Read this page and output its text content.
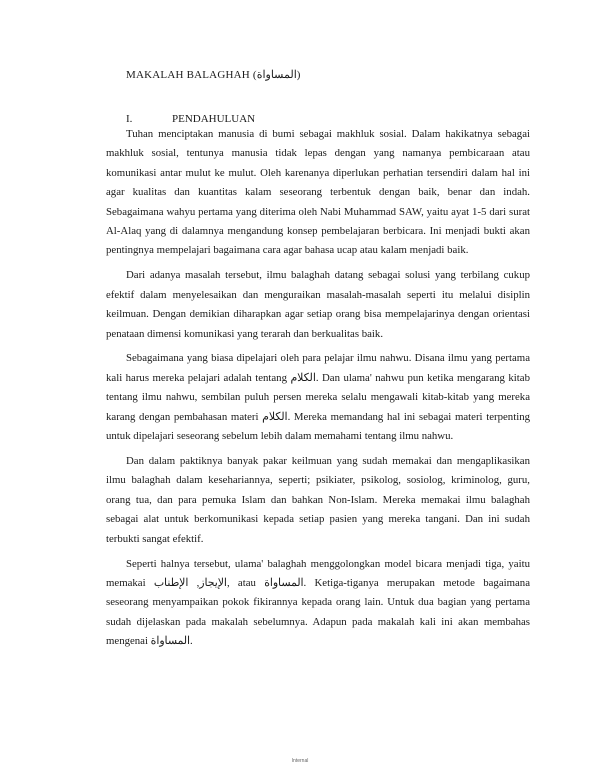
MAKALAH BALAGHAH (المساواة)
I.	PENDAHULUAN

Tuhan menciptakan manusia di bumi sebagai makhluk sosial. Dalam hakikatnya sebagai makhluk sosial, tentunya manusia tidak lepas dengan yang namanya pembicaraan atau komunikasi antar mulut ke mulut. Oleh karenanya diperlukan perhatian tersendiri dalam hal ini agar kualitas dan kuantitas kalam seseorang terbentuk dengan baik, benar dan indah. Sebagaimana wahyu pertama yang diterima oleh Nabi Muhammad SAW, yaitu ayat 1-5 dari surat Al-Alaq yang di dalamnya mengandung konsep pembelajaran berbicara. Ini menjadi bukti akan pentingnya mempelajari bagaimana cara agar bahasa ucap atau kalam menjadi baik.

Dari adanya masalah tersebut, ilmu balaghah datang sebagai solusi yang terbilang cukup efektif dalam menyelesaikan dan menguraikan masalah-masalah seperti itu melalui disiplin keilmuan. Dengan demikian diharapkan agar setiap orang bisa mempelajarinya dengan orientasi penataan dimensi komunikasi yang terarah dan berkualitas baik.

Sebagaimana yang biasa dipelajari oleh para pelajar ilmu nahwu. Disana ilmu yang pertama kali harus mereka pelajari adalah tentang الكلام. Dan ulama' nahwu pun ketika mengarang kitab tentang ilmu nahwu, sembilan puluh persen mereka selalu mengawali kitab-kitab yang mereka karang dengan pembahasan materi الكلام. Mereka memandang hal ini sebagai materi terpenting untuk dipelajari seseorang sebelum lebih dalam memahami tentang ilmu nahwu.

Dan dalam paktiknya banyak pakar keilmuan yang sudah memakai dan mengaplikasikan ilmu balaghah dalam kesehariannya, seperti; psikiater, psikolog, sosiolog, kriminolog, guru, orang tua, dan para pemuka Islam dan bahkan Non-Islam. Mereka memakai ilmu balaghah sebagai alat untuk berkomunikasi kepada setiap pasien yang mereka tangani. Dan ini sudah terbukti sangat efektif.

Seperti halnya tersebut, ulama' balaghah menggolongkan model bicara menjadi tiga, yaitu memakai الإيجاز, الإطناب, atau المساواة. Ketiga-tiganya merupakan metode bagaimana seseorang menyampaikan pokok fikirannya kepada orang lain. Untuk dua bagian yang pertama sudah dijelaskan pada makalah sebelumnya. Adapun pada makalah kali ini akan membahas mengenai المساواة.

Internal
